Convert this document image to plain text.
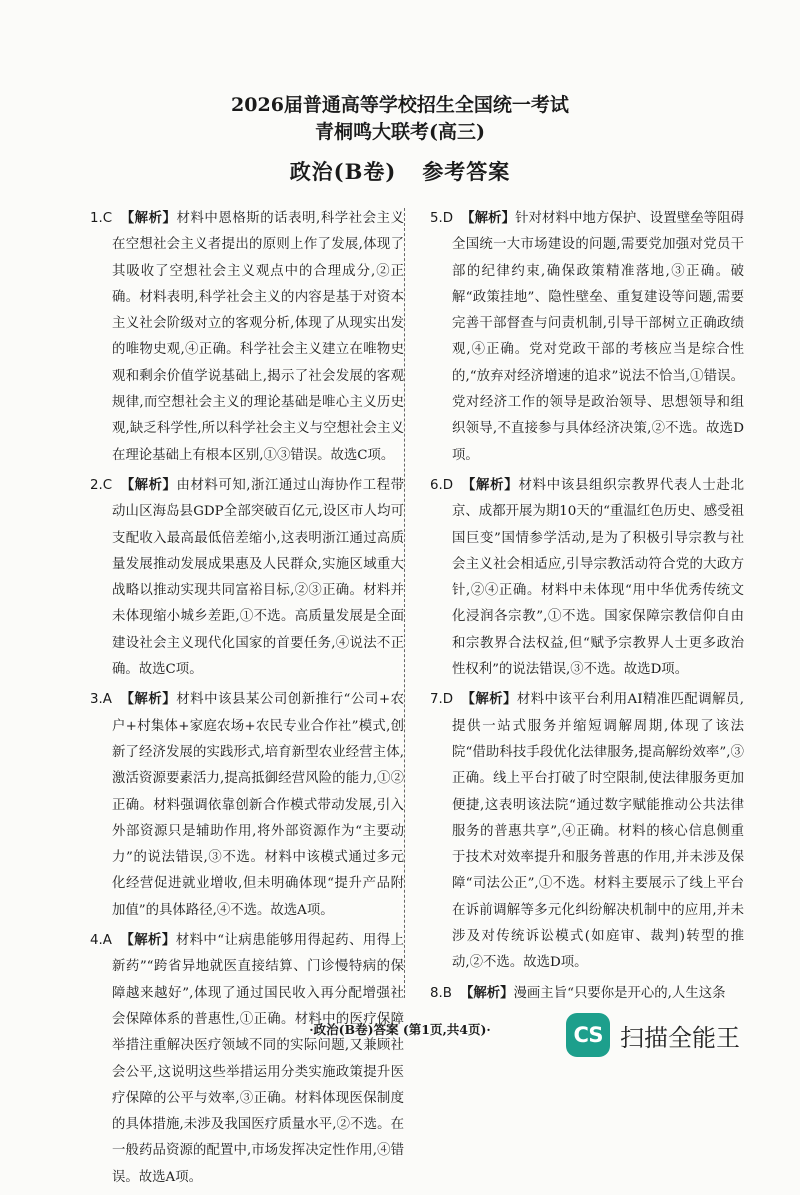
2026届普通高等学校招生全国统一考试
青桐鸣大联考(高三)
政治(B卷) 参考答案

1.C 【解析】材料中恩格斯的话表明,科学社会主义在空想社会主义者提出的原则上作了发展,体现了其吸收了空想社会主义观点中的合理成分,②正确。材料表明,科学社会主义的内容是基于对资本主义社会阶级对立的客观分析,体现了从现实出发的唯物史观,④正确。科学社会主义建立在唯物史观和剩余价值学说基础上,揭示了社会发展的客观规律,而空想社会主义的理论基础是唯心主义历史观,缺乏科学性,所以科学社会主义与空想社会主义在理论基础上有根本区别,①③错误。故选C项。

2.C 【解析】由材料可知,浙江通过山海协作工程带动山区海岛县GDP全部突破百亿元,设区市人均可支配收入最高最低倍差缩小,这表明浙江通过高质量发展推动发展成果惠及人民群众,实施区域重大战略以推动实现共同富裕目标,②③正确。材料并未体现缩小城乡差距,①不选。高质量发展是全面建设社会主义现代化国家的首要任务,④说法不正确。故选C项。

3.A 【解析】材料中该县某公司创新推行“公司+农户+村集体+家庭农场+农民专业合作社”模式,创新了经济发展的实践形式,培育新型农业经营主体,激活资源要素活力,提高抵御经营风险的能力,①②正确。材料强调依靠创新合作模式带动发展,引入外部资源只是辅助作用,将外部资源作为“主要动力”的说法错误,③不选。材料中该模式通过多元化经营促进就业增收,但未明确体现“提升产品附加值”的具体路径,④不选。故选A项。

4.A 【解析】材料中“让病患能够用得起药、用得上新药”“跨省异地就医直接结算、门诊慢特病的保障越来越好”,体现了通过国民收入再分配增强社会保障体系的普惠性,①正确。材料中的医疗保障举措注重解决医疗领域不同的实际问题,又兼顾社会公平,这说明这些举措运用分类实施政策提升医疗保障的公平与效率,③正确。材料体现医保制度的具体措施,未涉及我国医疗质量水平,②不选。在一般药品资源的配置中,市场发挥决定性作用,④错误。故选A项。

5.D 【解析】针对材料中地方保护、设置壁垒等阻碍全国统一大市场建设的问题,需要党加强对党员干部的纪律约束,确保政策精准落地,③正确。破解“政策挂地”、隐性壁垒、重复建设等问题,需要完善干部督查与问责机制,引导干部树立正确政绩观,④正确。党对党政干部的考核应当是综合性的,“放弃对经济增速的追求”说法不恰当,①错误。党对经济工作的领导是政治领导、思想领导和组织领导,不直接参与具体经济决策,②不选。故选D项。

6.D 【解析】材料中该县组织宗教界代表人士赴北京、成都开展为期10天的“重温红色历史、感受祖国巨变”国情参学活动,是为了积极引导宗教与社会主义社会相适应,引导宗教活动符合党的大政方针,②④正确。材料中未体现“用中华优秀传统文化浸润各宗教”,①不选。国家保障宗教信仰自由和宗教界合法权益,但“赋予宗教界人士更多政治性权利”的说法错误,③不选。故选D项。

7.D 【解析】材料中该平台利用AI精准匹配调解员,提供一站式服务并缩短调解周期,体现了该法院“借助科技手段优化法律服务,提高解纷效率”,③正确。线上平台打破了时空限制,使法律服务更加便捷,这表明该法院“通过数字赋能推动公共法律服务的普惠共享”,④正确。材料的核心信息侧重于技术对效率提升和服务普惠的作用,并未涉及保障“司法公正”,①不选。材料主要展示了线上平台在诉前调解等多元化纠纷解决机制中的应用,并未涉及对传统诉讼模式(如庭审、裁判)转型的推动,②不选。故选D项。

8.B 【解析】漫画主旨“只要你是开心的,人生这条

·政治(B卷)答案 (第1页,共4页)·	CS 扫描全能王
